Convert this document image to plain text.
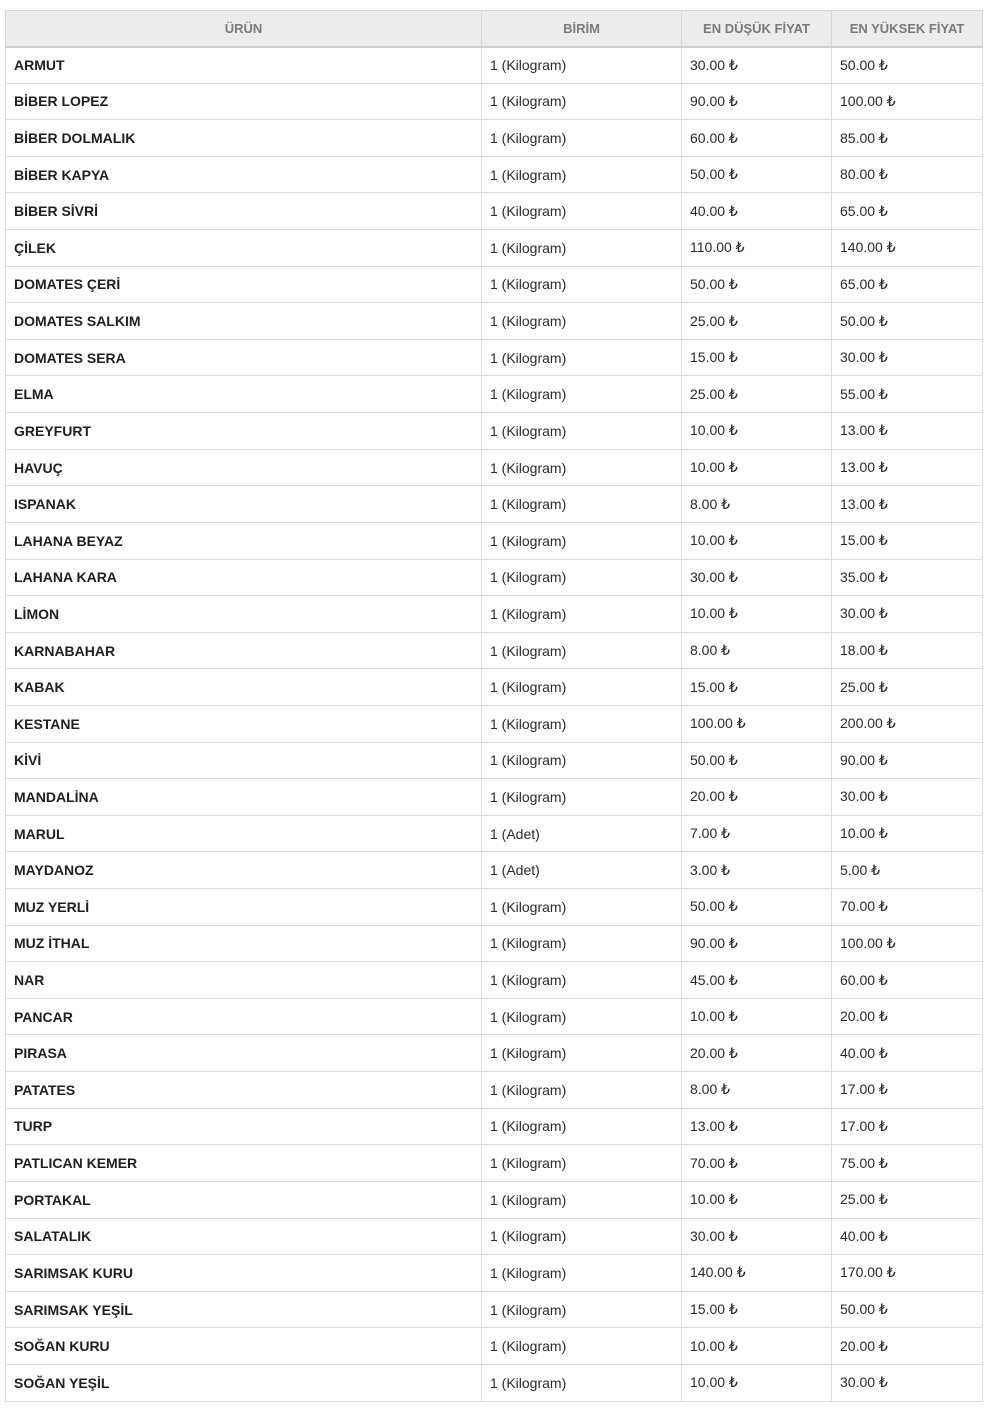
ÜRÜN	BİRİM	EN DÜŞÜK FİYAT	EN YÜKSEK FİYAT
ARMUT	1 (Kilogram)	30.00 ₺	50.00 ₺
BİBER LOPEZ	1 (Kilogram)	90.00 ₺	100.00 ₺
BİBER DOLMALIK	1 (Kilogram)	60.00 ₺	85.00 ₺
BİBER KAPYA	1 (Kilogram)	50.00 ₺	80.00 ₺
BİBER SİVRİ	1 (Kilogram)	40.00 ₺	65.00 ₺
ÇİLEK	1 (Kilogram)	110.00 ₺	140.00 ₺
DOMATES ÇERİ	1 (Kilogram)	50.00 ₺	65.00 ₺
DOMATES SALKIM	1 (Kilogram)	25.00 ₺	50.00 ₺
DOMATES SERA	1 (Kilogram)	15.00 ₺	30.00 ₺
ELMA	1 (Kilogram)	25.00 ₺	55.00 ₺
GREYFURT	1 (Kilogram)	10.00 ₺	13.00 ₺
HAVUÇ	1 (Kilogram)	10.00 ₺	13.00 ₺
ISPANAK	1 (Kilogram)	8.00 ₺	13.00 ₺
LAHANA BEYAZ	1 (Kilogram)	10.00 ₺	15.00 ₺
LAHANA KARA	1 (Kilogram)	30.00 ₺	35.00 ₺
LİMON	1 (Kilogram)	10.00 ₺	30.00 ₺
KARNABAHAR	1 (Kilogram)	8.00 ₺	18.00 ₺
KABAK	1 (Kilogram)	15.00 ₺	25.00 ₺
KESTANE	1 (Kilogram)	100.00 ₺	200.00 ₺
KİVİ	1 (Kilogram)	50.00 ₺	90.00 ₺
MANDALİNA	1 (Kilogram)	20.00 ₺	30.00 ₺
MARUL	1 (Adet)	7.00 ₺	10.00 ₺
MAYDANOZ	1 (Adet)	3.00 ₺	5.00 ₺
MUZ YERLİ	1 (Kilogram)	50.00 ₺	70.00 ₺
MUZ İTHAL	1 (Kilogram)	90.00 ₺	100.00 ₺
NAR	1 (Kilogram)	45.00 ₺	60.00 ₺
PANCAR	1 (Kilogram)	10.00 ₺	20.00 ₺
PIRASA	1 (Kilogram)	20.00 ₺	40.00 ₺
PATATES	1 (Kilogram)	8.00 ₺	17.00 ₺
TURP	1 (Kilogram)	13.00 ₺	17.00 ₺
PATLICAN KEMER	1 (Kilogram)	70.00 ₺	75.00 ₺
PORTAKAL	1 (Kilogram)	10.00 ₺	25.00 ₺
SALATALIK	1 (Kilogram)	30.00 ₺	40.00 ₺
SARIMSAK KURU	1 (Kilogram)	140.00 ₺	170.00 ₺
SARIMSAK YEŞİL	1 (Kilogram)	15.00 ₺	50.00 ₺
SOĞAN KURU	1 (Kilogram)	10.00 ₺	20.00 ₺
SOĞAN YEŞİL	1 (Kilogram)	10.00 ₺	30.00 ₺
